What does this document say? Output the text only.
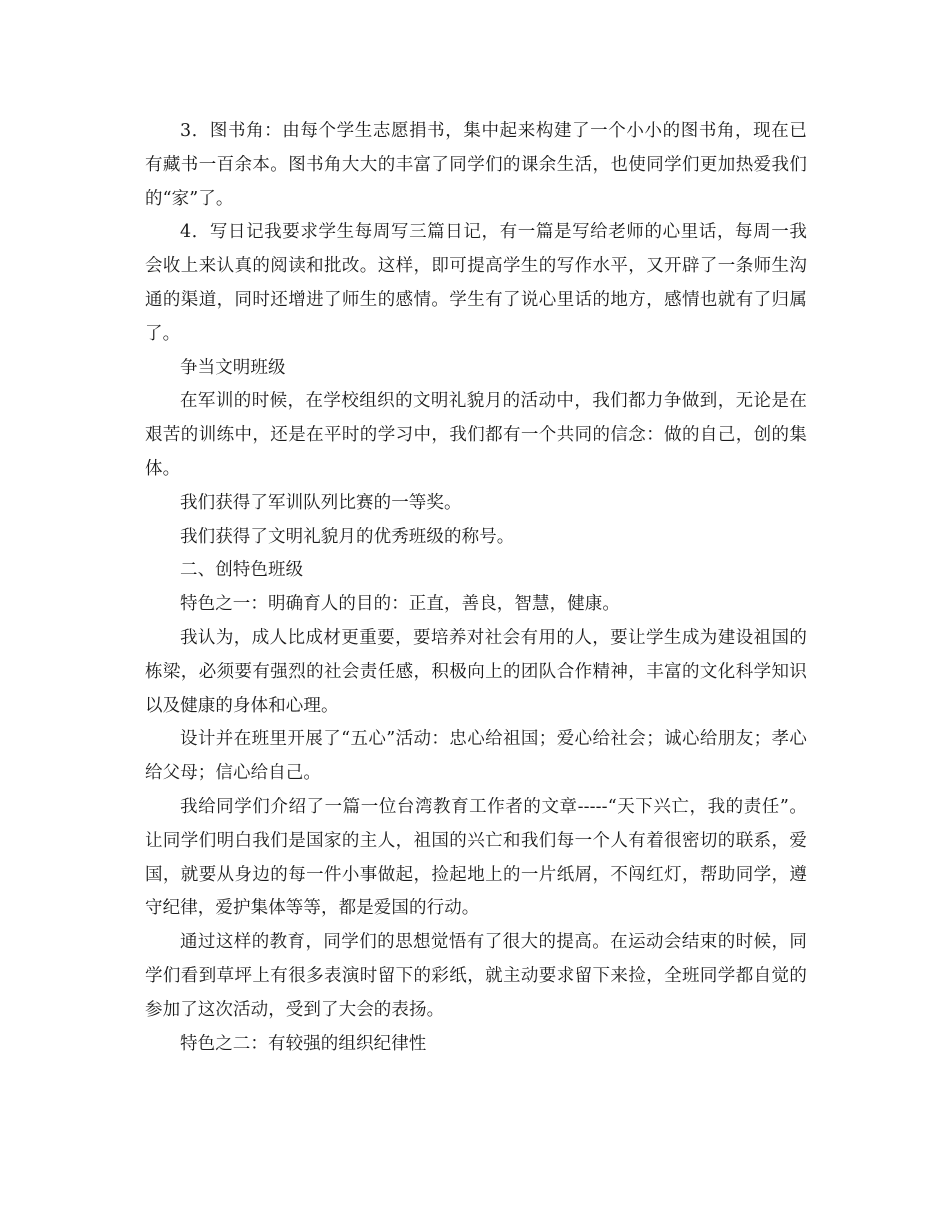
3．图书角：由每个学生志愿捐书，集中起来构建了一个小小的图书角，现在已有藏书一百余本。图书角大大的丰富了同学们的课余生活，也使同学们更加热爱我们的“家”了。

4．写日记我要求学生每周写三篇日记，有一篇是写给老师的心里话，每周一我会收上来认真的阅读和批改。这样，即可提高学生的写作水平，又开辟了一条师生沟通的渠道，同时还增进了师生的感情。学生有了说心里话的地方，感情也就有了归属了。

争当文明班级

在军训的时候，在学校组织的文明礼貌月的活动中，我们都力争做到，无论是在艰苦的训练中，还是在平时的学习中，我们都有一个共同的信念：做的自己，创的集体。

我们获得了军训队列比赛的一等奖。

我们获得了文明礼貌月的优秀班级的称号。

二、创特色班级

特色之一：明确育人的目的：正直，善良，智慧，健康。

我认为，成人比成材更重要，要培养对社会有用的人，要让学生成为建设祖国的栋梁，必须要有强烈的社会责任感，积极向上的团队合作精神，丰富的文化科学知识以及健康的身体和心理。

设计并在班里开展了“五心”活动：忠心给祖国；爱心给社会；诚心给朋友；孝心给父母；信心给自己。

我给同学们介绍了一篇一位台湾教育工作者的文章-----“天下兴亡，我的责任”。让同学们明白我们是国家的主人，祖国的兴亡和我们每一个人有着很密切的联系，爱国，就要从身边的每一件小事做起，捡起地上的一片纸屑，不闯红灯，帮助同学，遵守纪律，爱护集体等等，都是爱国的行动。

通过这样的教育，同学们的思想觉悟有了很大的提高。在运动会结束的时候，同学们看到草坪上有很多表演时留下的彩纸，就主动要求留下来捡，全班同学都自觉的参加了这次活动，受到了大会的表扬。

特色之二：有较强的组织纪律性
